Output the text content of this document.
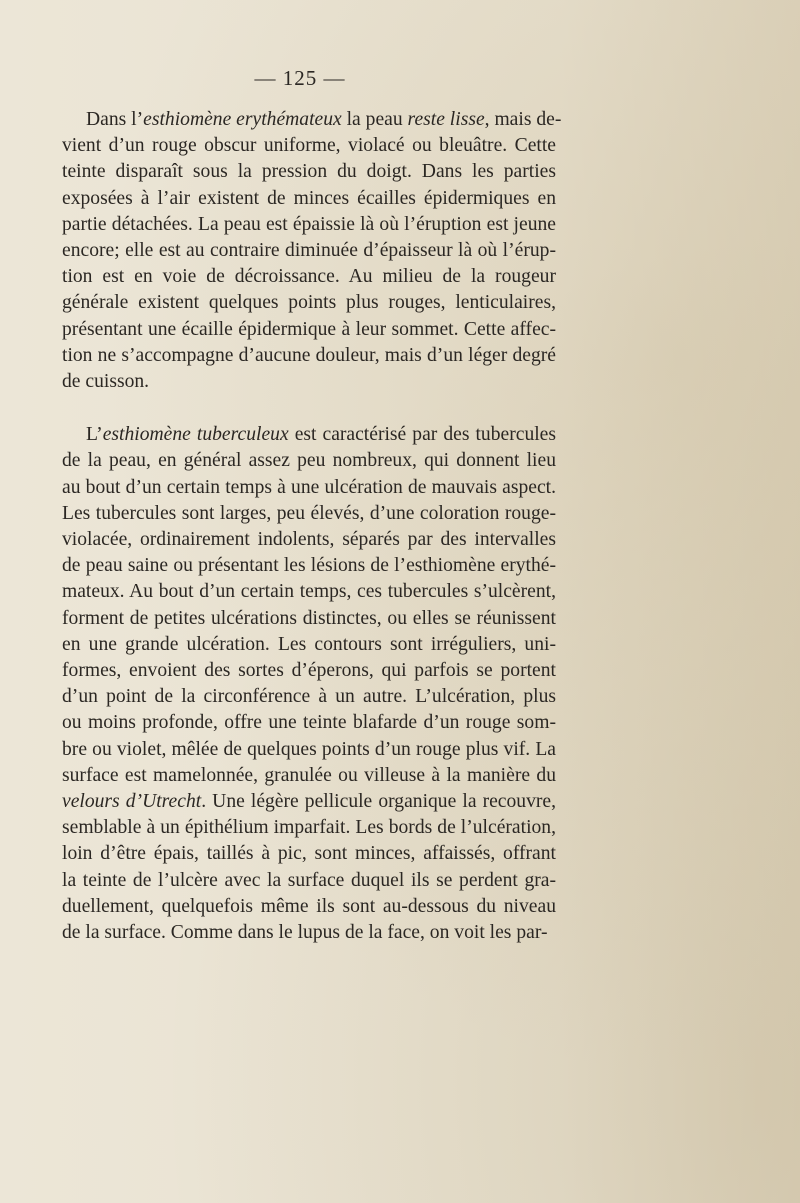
— 125 —
Dans l’esthiomène erythémateux la peau reste lisse, mais de-
vient d’un rouge obscur uniforme, violacé ou bleuâtre. Cette
teinte disparaît sous la pression du doigt. Dans les parties
exposées à l’air existent de minces écailles épidermiques en
partie détachées. La peau est épaissie là où l’éruption est jeune
encore; elle est au contraire diminuée d’épaisseur là où l’érup-
tion est en voie de décroissance. Au milieu de la rougeur
générale existent quelques points plus rouges, lenticulaires,
présentant une écaille épidermique à leur sommet. Cette affec-
tion ne s’accompagne d’aucune douleur, mais d’un léger degré
de cuisson.
L’esthiomène tuberculeux est caractérisé par des tubercules
de la peau, en général assez peu nombreux, qui donnent lieu
au bout d’un certain temps à une ulcération de mauvais aspect.
Les tubercules sont larges, peu élevés, d’une coloration rouge-
violacée, ordinairement indolents, séparés par des intervalles
de peau saine ou présentant les lésions de l’esthiomène erythé-
mateux. Au bout d’un certain temps, ces tubercules s’ulcèrent,
forment de petites ulcérations distinctes, ou elles se réunissent
en une grande ulcération. Les contours sont irréguliers, uni-
formes, envoient des sortes d’éperons, qui parfois se portent
d’un point de la circonférence à un autre. L’ulcération, plus
ou moins profonde, offre une teinte blafarde d’un rouge som-
bre ou violet, mêlée de quelques points d’un rouge plus vif. La
surface est mamelonnée, granulée ou villeuse à la manière du
velours d’Utrecht. Une légère pellicule organique la recouvre,
semblable à un épithélium imparfait. Les bords de l’ulcération,
loin d’être épais, taillés à pic, sont minces, affaissés, offrant
la teinte de l’ulcère avec la surface duquel ils se perdent gra-
duellement, quelquefois même ils sont au-dessous du niveau
de la surface. Comme dans le lupus de la face, on voit les par-
